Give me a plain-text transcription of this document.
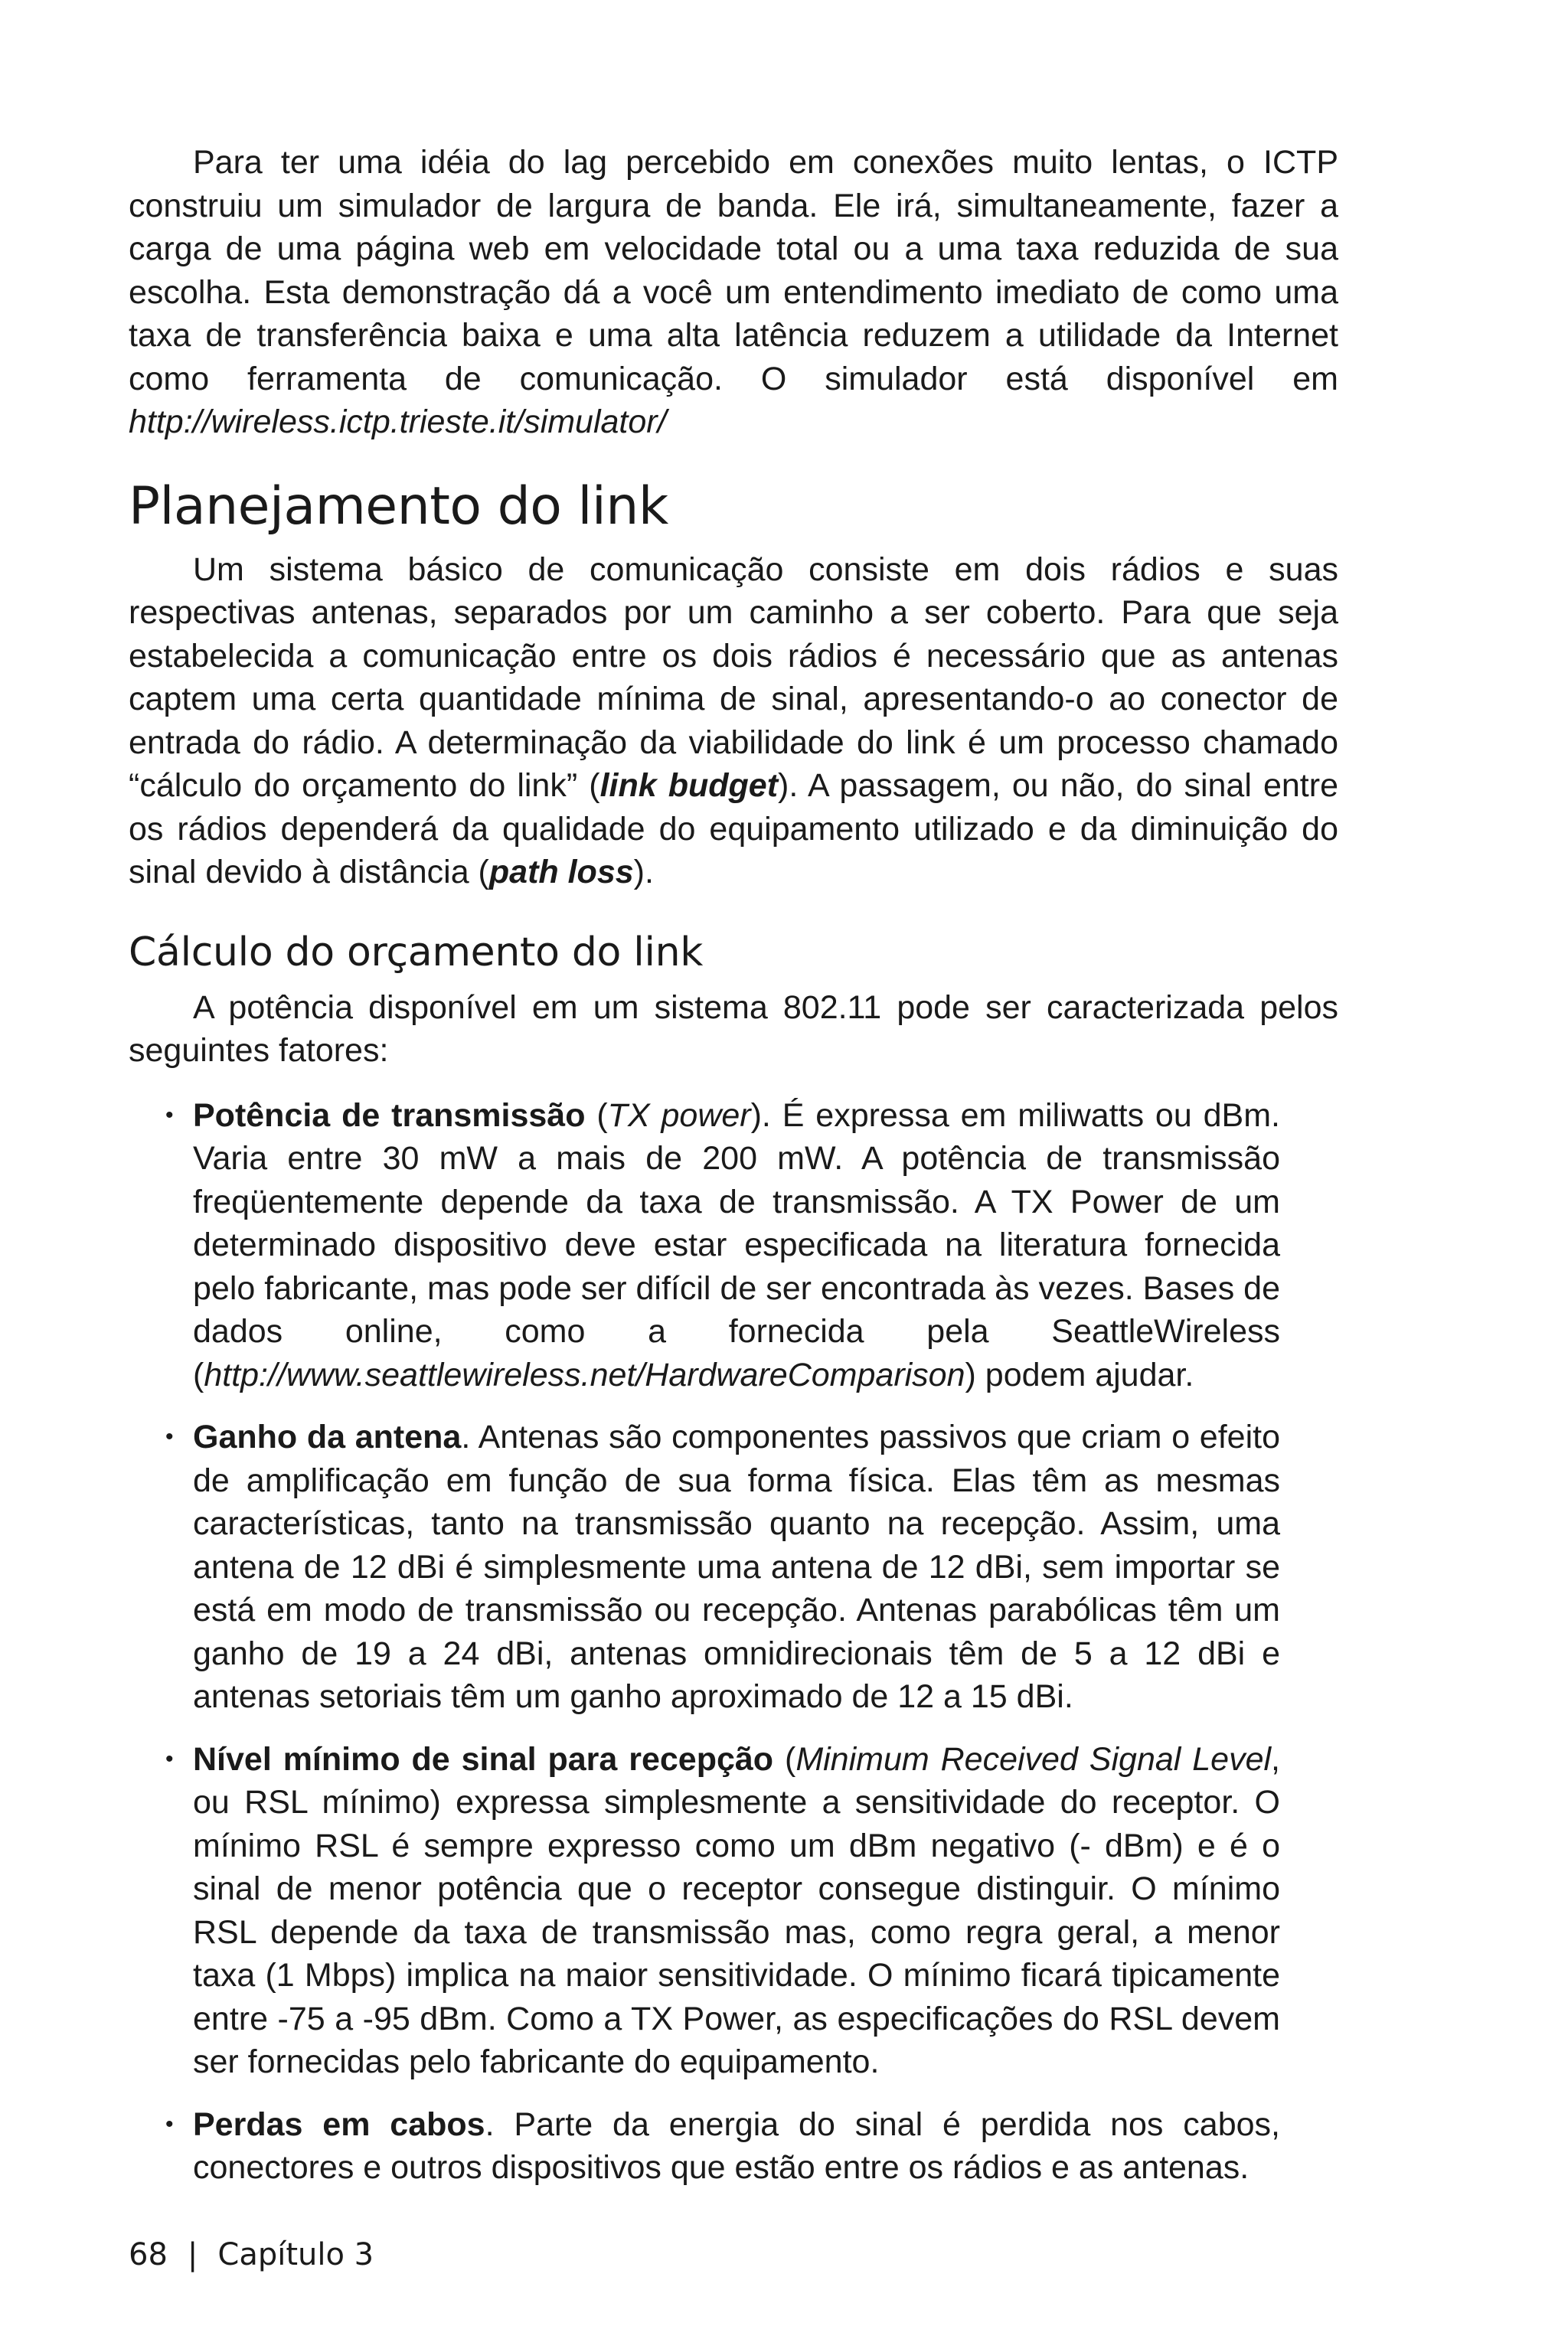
Para ter uma idéia do lag percebido em conexões muito lentas, o ICTP construiu um simulador de largura de banda. Ele irá, simultaneamente, fazer a carga de uma página web em velocidade total ou a uma taxa reduzida de sua escolha. Esta demonstração dá a você um entendimento imediato de como uma taxa de transferência baixa e uma alta latência reduzem a utilidade da Internet como ferramenta de comunicação. O simulador está disponível em http://wireless.ictp.trieste.it/simulator/

Planejamento do link

Um sistema básico de comunicação consiste em dois rádios e suas respectivas antenas, separados por um caminho a ser coberto. Para que seja estabelecida a comunicação entre os dois rádios é necessário que as antenas captem uma certa quantidade mínima de sinal, apresentando-o ao conector de entrada do rádio. A determinação da viabilidade do link é um processo chamado “cálculo do orçamento do link” (link budget). A passagem, ou não, do sinal entre os rádios dependerá da qualidade do equipamento utilizado e da diminuição do sinal devido à distância (path loss).

Cálculo do orçamento do link

A potência disponível em um sistema 802.11 pode ser caracterizada pelos seguintes fatores:

• Potência de transmissão (TX power). É expressa em miliwatts ou dBm. Varia entre 30 mW a mais de 200 mW. A potência de transmissão freqüentemente depende da taxa de transmissão. A TX Power de um determinado dispositivo deve estar especificada na literatura fornecida pelo fabricante, mas pode ser difícil de ser encontrada às vezes. Bases de dados online, como a fornecida pela SeattleWireless (http://www.seattlewireless.net/HardwareComparison) podem ajudar.
• Ganho da antena. Antenas são componentes passivos que criam o efeito de amplificação em função de sua forma física. Elas têm as mesmas características, tanto na transmissão quanto na recepção. Assim, uma antena de 12 dBi é simplesmente uma antena de 12 dBi, sem importar se está em modo de transmissão ou recepção. Antenas parabólicas têm um ganho de 19 a 24 dBi, antenas omnidirecionais têm de 5 a 12 dBi e antenas setoriais têm um ganho aproximado de 12 a 15 dBi.
• Nível mínimo de sinal para recepção (Minimum Received Signal Level, ou RSL mínimo) expressa simplesmente a sensitividade do receptor. O mínimo RSL é sempre expresso como um dBm negativo (- dBm) e é o sinal de menor potência que o receptor consegue distinguir. O mínimo RSL depende da taxa de transmissão mas, como regra geral, a menor taxa (1 Mbps) implica na maior sensitividade. O mínimo ficará tipicamente entre -75 a -95 dBm. Como a TX Power, as especificações do RSL devem ser fornecidas pelo fabricante do equipamento.
• Perdas em cabos. Parte da energia do sinal é perdida nos cabos, conectores e outros dispositivos que estão entre os rádios e as antenas.
68 | Capítulo 3
